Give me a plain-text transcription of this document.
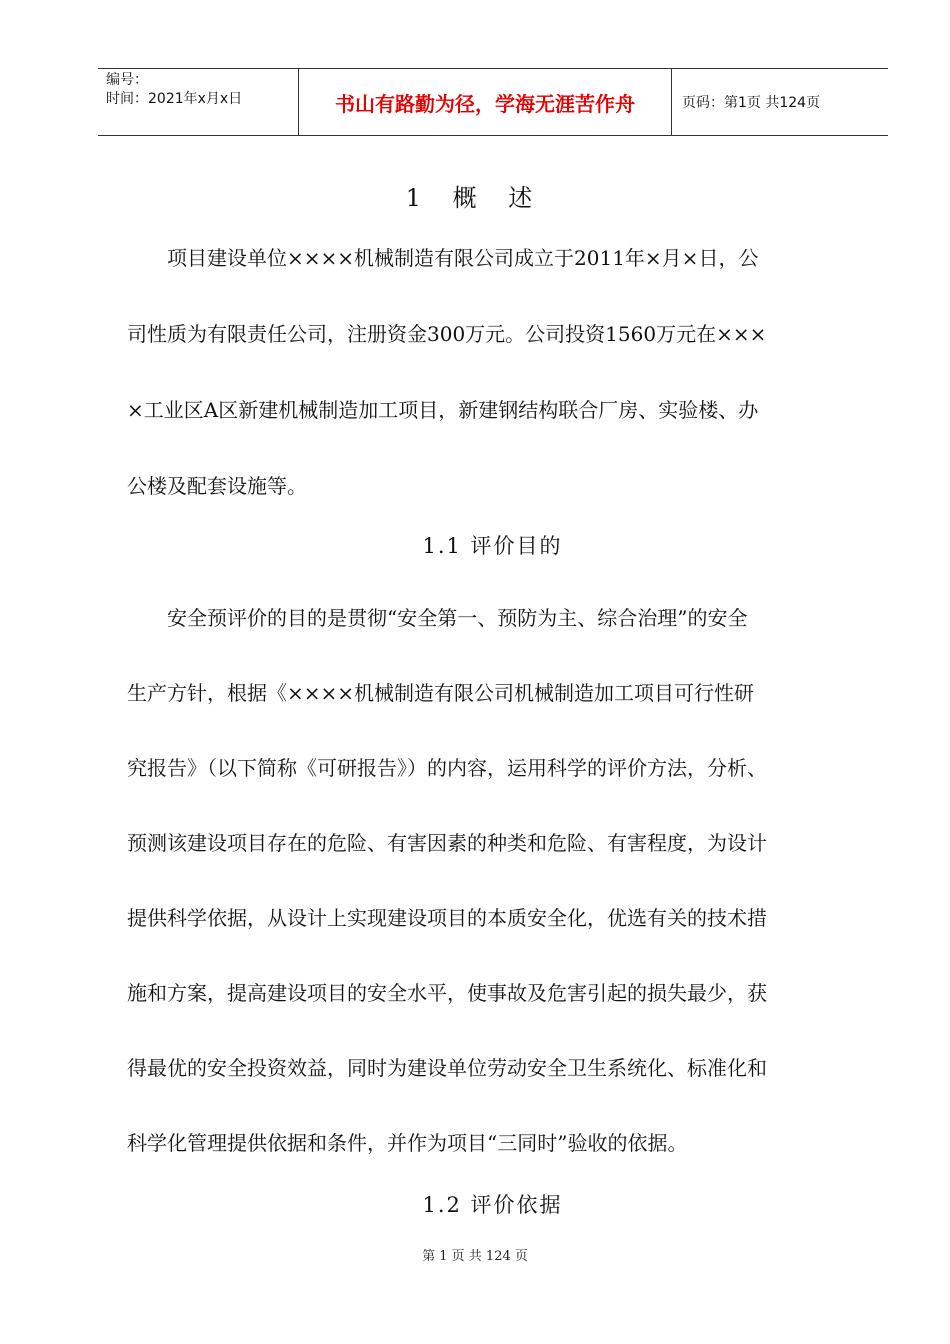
编号：
时间：2021年x月x日	书山有路勤为径，学海无涯苦作舟	页码：第1页 共124页
1 概 述
项目建设单位××××机械制造有限公司成立于2011年×月×日，公
司性质为有限责任公司，注册资金300万元。公司投资1560万元在×××
×工业区A区新建机械制造加工项目，新建钢结构联合厂房、实验楼、办
公楼及配套设施等。
1.1 评价目的
安全预评价的目的是贯彻“安全第一、预防为主、综合治理”的安全
生产方针，根据《××××机械制造有限公司机械制造加工项目可行性研
究报告》（以下简称《可研报告》）的内容，运用科学的评价方法，分析、
预测该建设项目存在的危险、有害因素的种类和危险、有害程度，为设计
提供科学依据，从设计上实现建设项目的本质安全化，优选有关的技术措
施和方案，提高建设项目的安全水平，使事故及危害引起的损失最少，获
得最优的安全投资效益，同时为建设单位劳动安全卫生系统化、标准化和
科学化管理提供依据和条件，并作为项目“三同时”验收的依据。
1.2 评价依据
第 1 页 共 124 页
